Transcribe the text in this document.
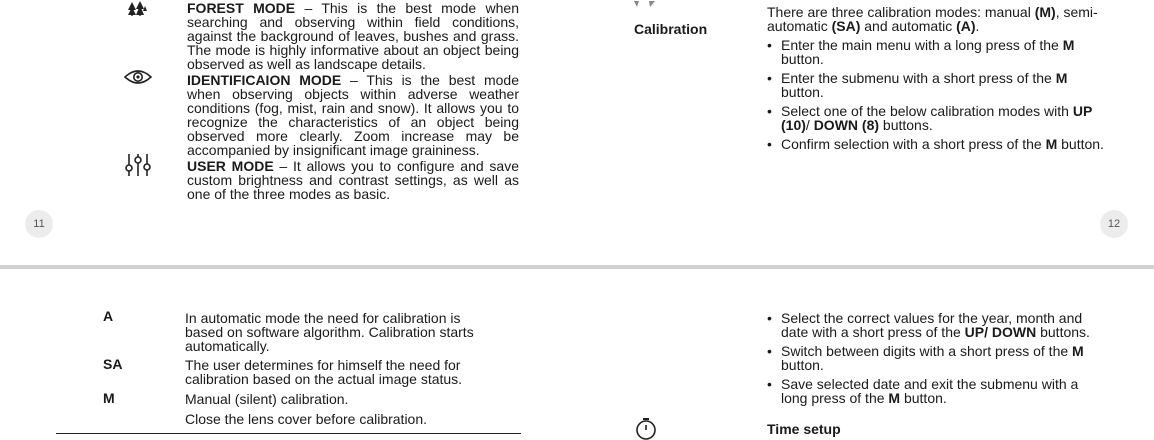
FOREST MODE – This is the best mode when searching and observing within field conditions, against the background of leaves, bushes and grass. The mode is highly informative about an object being observed as well as landscape details.
IDENTIFICAION MODE – This is the best mode when observing objects within adverse weather conditions (fog, mist, rain and snow). It allows you to recognize the characteristics of an object being observed more clearly. Zoom increase may be accompanied by insignificant image graininess.
USER MODE – It allows you to configure and save custom brightness and contrast settings, as well as one of the three modes as basic.
Calibration
There are three calibration modes: manual (M), semi-automatic (SA) and automatic (A).
• Enter the main menu with a long press of the M button.
• Enter the submenu with a short press of the M button.
• Select one of the below calibration modes with UP (10)/ DOWN (8) buttons.
• Confirm selection with a short press of the M button.
11	12
A	In automatic mode the need for calibration is based on software algorithm. Calibration starts automatically.
SA	The user determines for himself the need for calibration based on the actual image status.
M	Manual (silent) calibration.
Close the lens cover before calibration.
• Select the correct values for the year, month and date with a short press of the UP/ DOWN buttons.
• Switch between digits with a short press of the M button.
• Save selected date and exit the submenu with a long press of the M button.
Time setup
